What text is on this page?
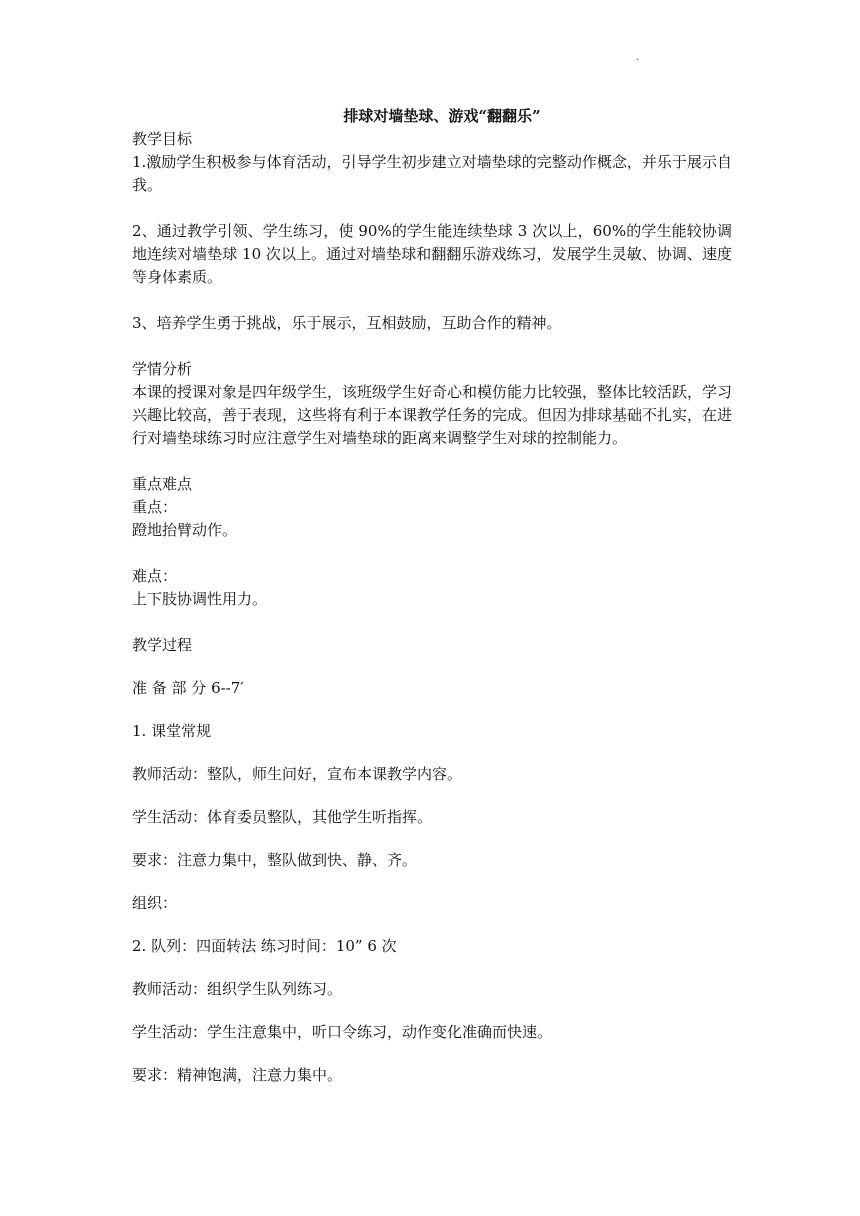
·
排球对墙垫球、游戏“翻翻乐”

教学目标

1.激励学生积极参与体育活动，引导学生初步建立对墙垫球的完整动作概念，并乐于展示自我。

2、通过教学引领、学生练习，使 90%的学生能连续垫球 3 次以上，60%的学生能较协调地连续对墙垫球 10 次以上。通过对墙垫球和翻翻乐游戏练习，发展学生灵敏、协调、速度等身体素质。

3、培养学生勇于挑战，乐于展示，互相鼓励，互助合作的精神。

学情分析

本课的授课对象是四年级学生，该班级学生好奇心和模仿能力比较强，整体比较活跃，学习兴趣比较高，善于表现，这些将有利于本课教学任务的完成。但因为排球基础不扎实，在进行对墙垫球练习时应注意学生对墙垫球的距离来调整学生对球的控制能力。

重点难点

重点：

蹬地抬臂动作。

难点：

上下肢协调性用力。

教学过程

准 备 部 分 6--7′

1. 课堂常规

教师活动：整队，师生问好，宣布本课教学内容。

学生活动：体育委员整队，其他学生听指挥。

要求：注意力集中，整队做到快、静、齐。

组织：

2. 队列：四面转法 练习时间：10” 6 次

教师活动：组织学生队列练习。

学生活动：学生注意集中，听口令练习，动作变化准确而快速。

要求：精神饱满，注意力集中。
